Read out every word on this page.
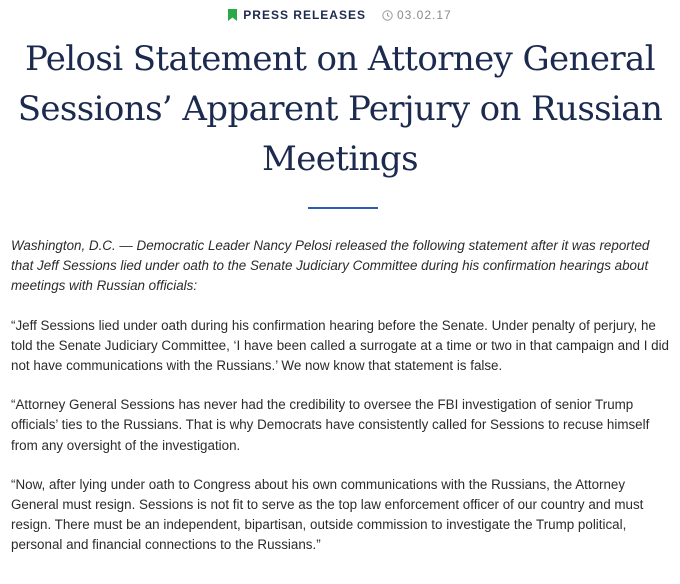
PRESS RELEASES	03.02.17
Pelosi Statement on Attorney General Sessions’ Apparent Perjury on Russian Meetings

Washington, D.C. — Democratic Leader Nancy Pelosi released the following statement after it was reported that Jeff Sessions lied under oath to the Senate Judiciary Committee during his confirmation hearings about meetings with Russian officials:

“Jeff Sessions lied under oath during his confirmation hearing before the Senate. Under penalty of perjury, he told the Senate Judiciary Committee, ‘I have been called a surrogate at a time or two in that campaign and I did not have communications with the Russians.’ We now know that statement is false.

“Attorney General Sessions has never had the credibility to oversee the FBI investigation of senior Trump officials’ ties to the Russians. That is why Democrats have consistently called for Sessions to recuse himself from any oversight of the investigation.

“Now, after lying under oath to Congress about his own communications with the Russians, the Attorney General must resign. Sessions is not fit to serve as the top law enforcement officer of our country and must resign. There must be an independent, bipartisan, outside commission to investigate the Trump political, personal and financial connections to the Russians.”
